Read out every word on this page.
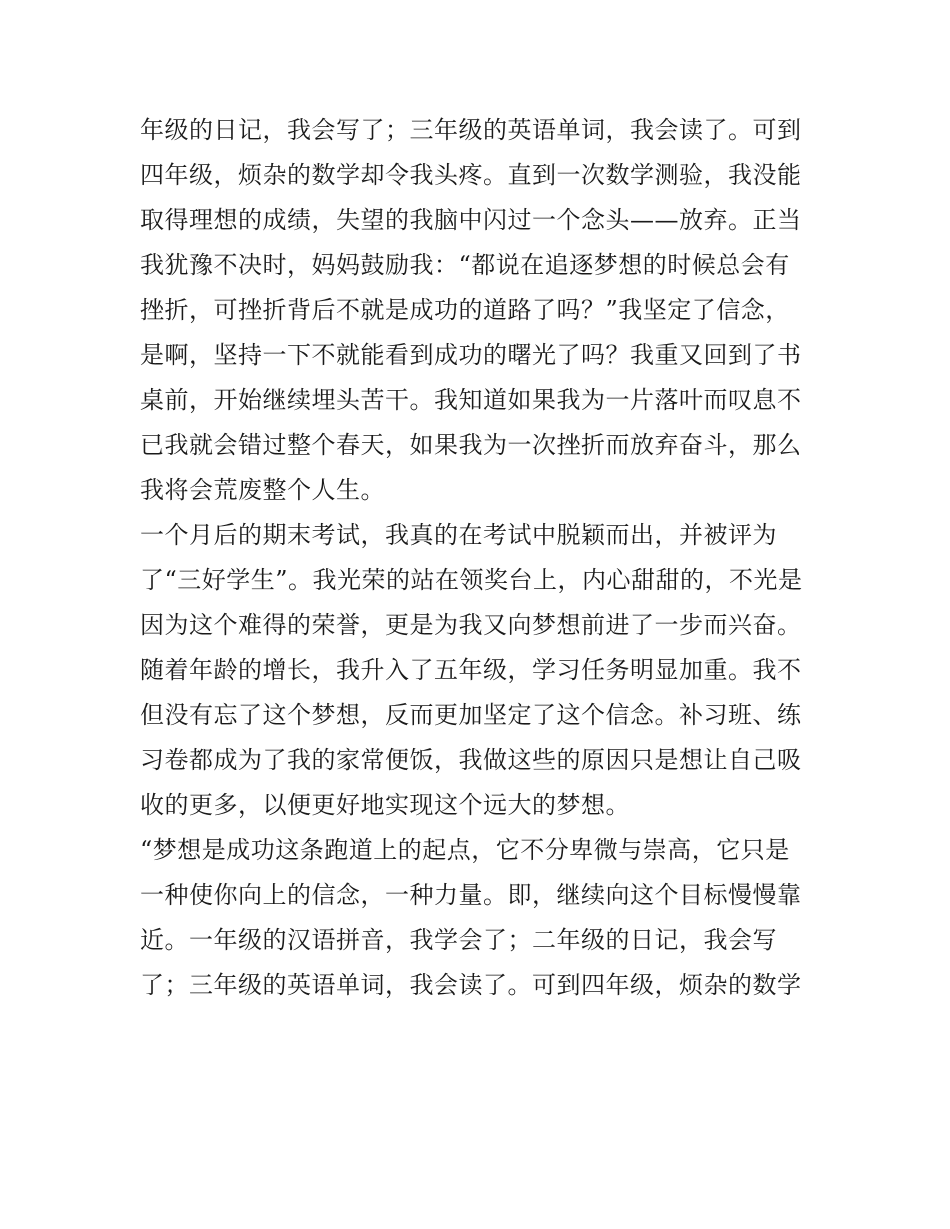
年级的日记，我会写了；三年级的英语单词，我会读了。可到
四年级，烦杂的数学却令我头疼。直到一次数学测验，我没能
取得理想的成绩，失望的我脑中闪过一个念头——放弃。正当
我犹豫不决时，妈妈鼓励我：“都说在追逐梦想的时候总会有
挫折，可挫折背后不就是成功的道路了吗？”我坚定了信念，
是啊，坚持一下不就能看到成功的曙光了吗？我重又回到了书
桌前，开始继续埋头苦干。我知道如果我为一片落叶而叹息不
已我就会错过整个春天，如果我为一次挫折而放弃奋斗，那么
我将会荒废整个人生。
一个月后的期末考试，我真的在考试中脱颖而出，并被评为
了“三好学生”。我光荣的站在领奖台上，内心甜甜的，不光是
因为这个难得的荣誉，更是为我又向梦想前进了一步而兴奋。
随着年龄的增长，我升入了五年级，学习任务明显加重。我不
但没有忘了这个梦想，反而更加坚定了这个信念。补习班、练
习卷都成为了我的家常便饭，我做这些的原因只是想让自己吸
收的更多，以便更好地实现这个远大的梦想。
“梦想是成功这条跑道上的起点，它不分卑微与崇高，它只是
一种使你向上的信念，一种力量。即，继续向这个目标慢慢靠
近。一年级的汉语拼音，我学会了；二年级的日记，我会写
了；三年级的英语单词，我会读了。可到四年级，烦杂的数学
